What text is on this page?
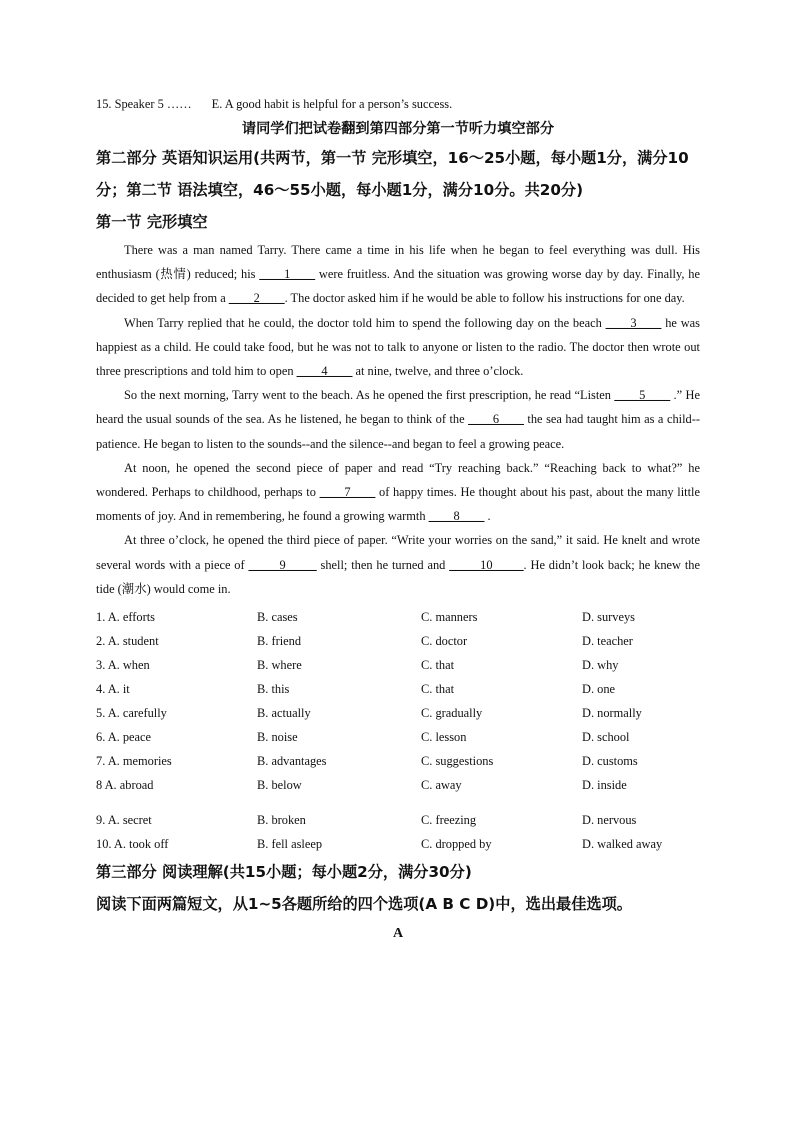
15. Speaker 5 …… E. A good habit is helpful for a person’s success.
请同学们把试卷翻到第四部分第一节听力填空部分
第二部分 英语知识运用(共两节，第一节 完形填空，16～25小题，每小题1分，满分10
分；第二节 语法填空，46～55小题，每小题1分，满分10分。共20分)
第一节 完形填空

There was a man named Tarry. There came a time in his life when he began to feel everything was dull. His enthusiasm (热情) reduced; his ____1____ were fruitless. And the situation was growing worse day by day. Finally, he decided to get help from a ____2____. The doctor asked him if he would be able to follow his instructions for one day.

When Tarry replied that he could, the doctor told him to spend the following day on the beach ____3____ he was happiest as a child. He could take food, but he was not to talk to anyone or listen to the radio. The doctor then wrote out three prescriptions and told him to open ____4____ at nine, twelve, and three o’clock.

So the next morning, Tarry went to the beach. As he opened the first prescription, he read “Listen ____5____ .” He heard the usual sounds of the sea. As he listened, he began to think of the ____6____ the sea had taught him as a child--patience. He began to listen to the sounds--and the silence--and began to feel a growing peace.

At noon, he opened the second piece of paper and read “Try reaching back.” “Reaching back to what?” he wondered. Perhaps to childhood, perhaps to ____7____ of happy times. He thought about his past, about the many little moments of joy. And in remembering, he found a growing warmth ____8____ .

At three o’clock, he opened the third piece of paper. “Write your worries on the sand,” it said. He knelt and wrote several words with a piece of _____9_____ shell; then he turned and _____10_____. He didn’t look back; he knew the tide (潮水) would come in.

1. A. efforts	B. cases	C. manners	D. surveys
2. A. student	B. friend	C. doctor	D. teacher
3. A. when	B. where	C. that	D. why
4. A. it	B. this	C. that	D. one
5. A. carefully	B. actually	C. gradually	D. normally
6. A. peace	B. noise	C. lesson	D. school
7. A. memories	B. advantages	C. suggestions	D. customs
8 A. abroad	B. below	C. away	D. inside
9. A. secret	B. broken	C. freezing	D. nervous
10. A. took off	B. fell asleep	C. dropped by	D. walked away
第三部分 阅读理解(共15小题；每小题2分，满分30分)
阅读下面两篇短文，从1~5各题所给的四个选项(A B C D)中，选出最佳选项。
A
